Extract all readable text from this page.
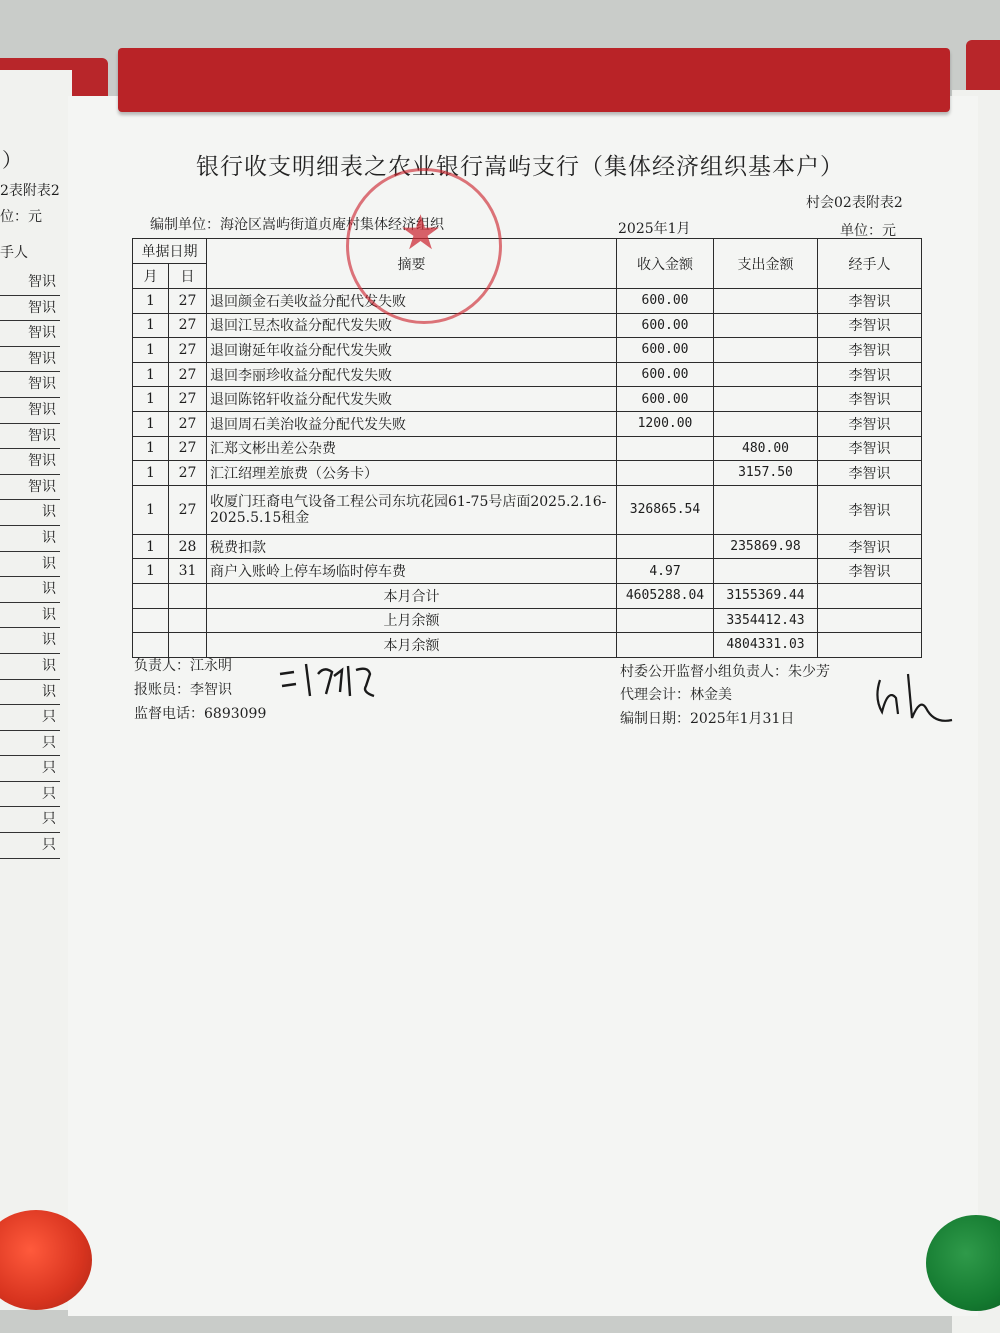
）
2表附表2
位：元
手人
智识
智识
智识
智识
智识
智识
智识
智识
智识
识
识
识
识
识
识
识
识
只
只
只
只
只
只
银行收支明细表之农业银行嵩屿支行（集体经济组织基本户）
村会02表附表2
编制单位：海沧区嵩屿街道贞庵村集体经济组织	2025年1月	单位：元
单据日期		摘要	收入金额	支出金额	经手人
月	日				
1	27	退回颜金石美收益分配代发失败	600.00		李智识
1	27	退回江昱杰收益分配代发失败	600.00		李智识
1	27	退回谢延年收益分配代发失败	600.00		李智识
1	27	退回李丽珍收益分配代发失败	600.00		李智识
1	27	退回陈铭轩收益分配代发失败	600.00		李智识
1	27	退回周石美治收益分配代发失败	1200.00		李智识
1	27	汇郑文彬出差公杂费		480.00	李智识
1	27	汇江绍理差旅费（公务卡）		3157.50	李智识
1	27	收厦门玨裔电气设备工程公司东坑花园61-75号店面2025.2.16-2025.5.15租金	326865.54		李智识
1	28	税费扣款		235869.98	李智识
1	31	商户入账岭上停车场临时停车费	4.97		李智识
		本月合计	4605288.04	3155369.44	
		上月余额		3354412.43	
		本月余额		4804331.03	
★
负责人：江永明
报账员：李智识
监督电话：6893099
村委公开监督小组负责人：朱少芳
代理会计：林金美
编制日期：2025年1月31日
